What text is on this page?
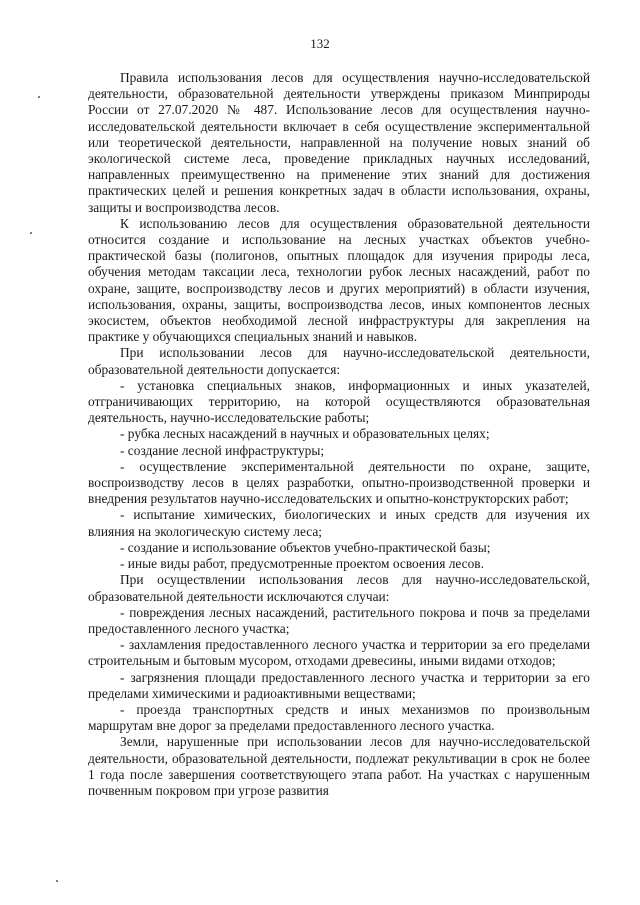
132

Правила использования лесов для осуществления научно-исследовательской деятельности, образовательной деятельности утверждены приказом Минприроды России от 27.07.2020 № 487. Использование лесов для осуществления научно-исследовательской деятельности включает в себя осуществление экспериментальной или теоретической деятельности, направленной на получение новых знаний об экологической системе леса, проведение прикладных научных исследований, направленных преимущественно на применение этих знаний для достижения практических целей и решения конкретных задач в области использования, охраны, защиты и воспроизводства лесов.

К использованию лесов для осуществления образовательной деятельности относится создание и использование на лесных участках объектов учебно-практической базы (полигонов, опытных площадок для изучения природы леса, обучения методам таксации леса, технологии рубок лесных насаждений, работ по охране, защите, воспроизводству лесов и других мероприятий) в области изучения, использования, охраны, защиты, воспроизводства лесов, иных компонентов лесных экосистем, объектов необходимой лесной инфраструктуры для закрепления на практике у обучающихся специальных знаний и навыков.

При использовании лесов для научно-исследовательской деятельности, образовательной деятельности допускается:

- установка специальных знаков, информационных и иных указателей, отграничивающих территорию, на которой осуществляются образовательная деятельность, научно-исследовательские работы;

- рубка лесных насаждений в научных и образовательных целях;

- создание лесной инфраструктуры;

- осуществление экспериментальной деятельности по охране, защите, воспроизводству лесов в целях разработки, опытно-производственной проверки и внедрения результатов научно-исследовательских и опытно-конструкторских работ;

- испытание химических, биологических и иных средств для изучения их влияния на экологическую систему леса;

- создание и использование объектов учебно-практической базы;

- иные виды работ, предусмотренные проектом освоения лесов.

При осуществлении использования лесов для научно-исследовательской, образовательной деятельности исключаются случаи:

- повреждения лесных насаждений, растительного покрова и почв за пределами предоставленного лесного участка;

- захламления предоставленного лесного участка и территории за его пределами строительным и бытовым мусором, отходами древесины, иными видами отходов;

- загрязнения площади предоставленного лесного участка и территории за его пределами химическими и радиоактивными веществами;

- проезда транспортных средств и иных механизмов по произвольным маршрутам вне дорог за пределами предоставленного лесного участка.

Земли, нарушенные при использовании лесов для научно-исследовательской деятельности, образовательной деятельности, подлежат рекультивации в срок не более 1 года после завершения соответствующего этапа работ. На участках с нарушенным почвенным покровом при угрозе развития
